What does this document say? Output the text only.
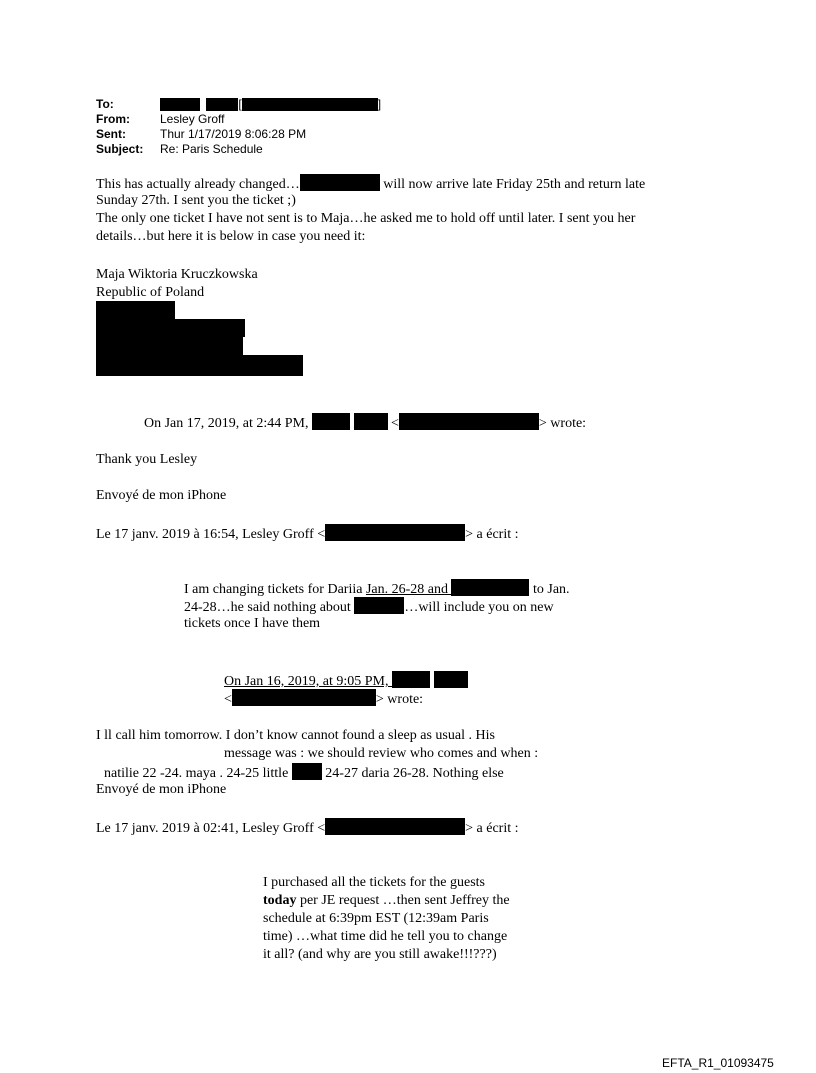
To:	[	]
From:	Lesley Groff
Sent:	Thur 1/17/2019 8:06:28 PM
Subject: Re: Paris Schedule
This has actually already changed…	will now arrive late Friday 25th and return late
Sunday 27th. I sent you the ticket ;)
The only one ticket I have not sent is to Maja…he asked me to hold off until later. I sent you her
details…but here it is below in case you need it:
Maja Wiktoria Kruczkowska
Republic of Poland
On Jan 17, 2019, at 2:44 PM,	<	> wrote:
Thank you Lesley
Envoyé de mon iPhone
Le 17 janv. 2019 à 16:54, Lesley Groff <	> a écrit :
I am changing tickets for Dariia Jan. 26-28 and	to Jan.
24-28…he said nothing about	…will include you on new
tickets once I have them
On Jan 16, 2019, at 9:05 PM,
<	> wrote:
I ll call him tomorrow. I don’t know cannot found a sleep as usual . His
message was : we should review who comes and when :
natilie 22 -24. maya . 24-25 little  24-27 daria 26-28. Nothing else
Envoyé de mon iPhone
Le 17 janv. 2019 à 02:41, Lesley Groff <	> a écrit :
I purchased all the tickets for the guests
today per JE request …then sent Jeffrey the
schedule at 6:39pm EST (12:39am Paris
time) …what time did he tell you to change
it all? (and why are you still awake!!!???)
EFTA_R1_01093475
